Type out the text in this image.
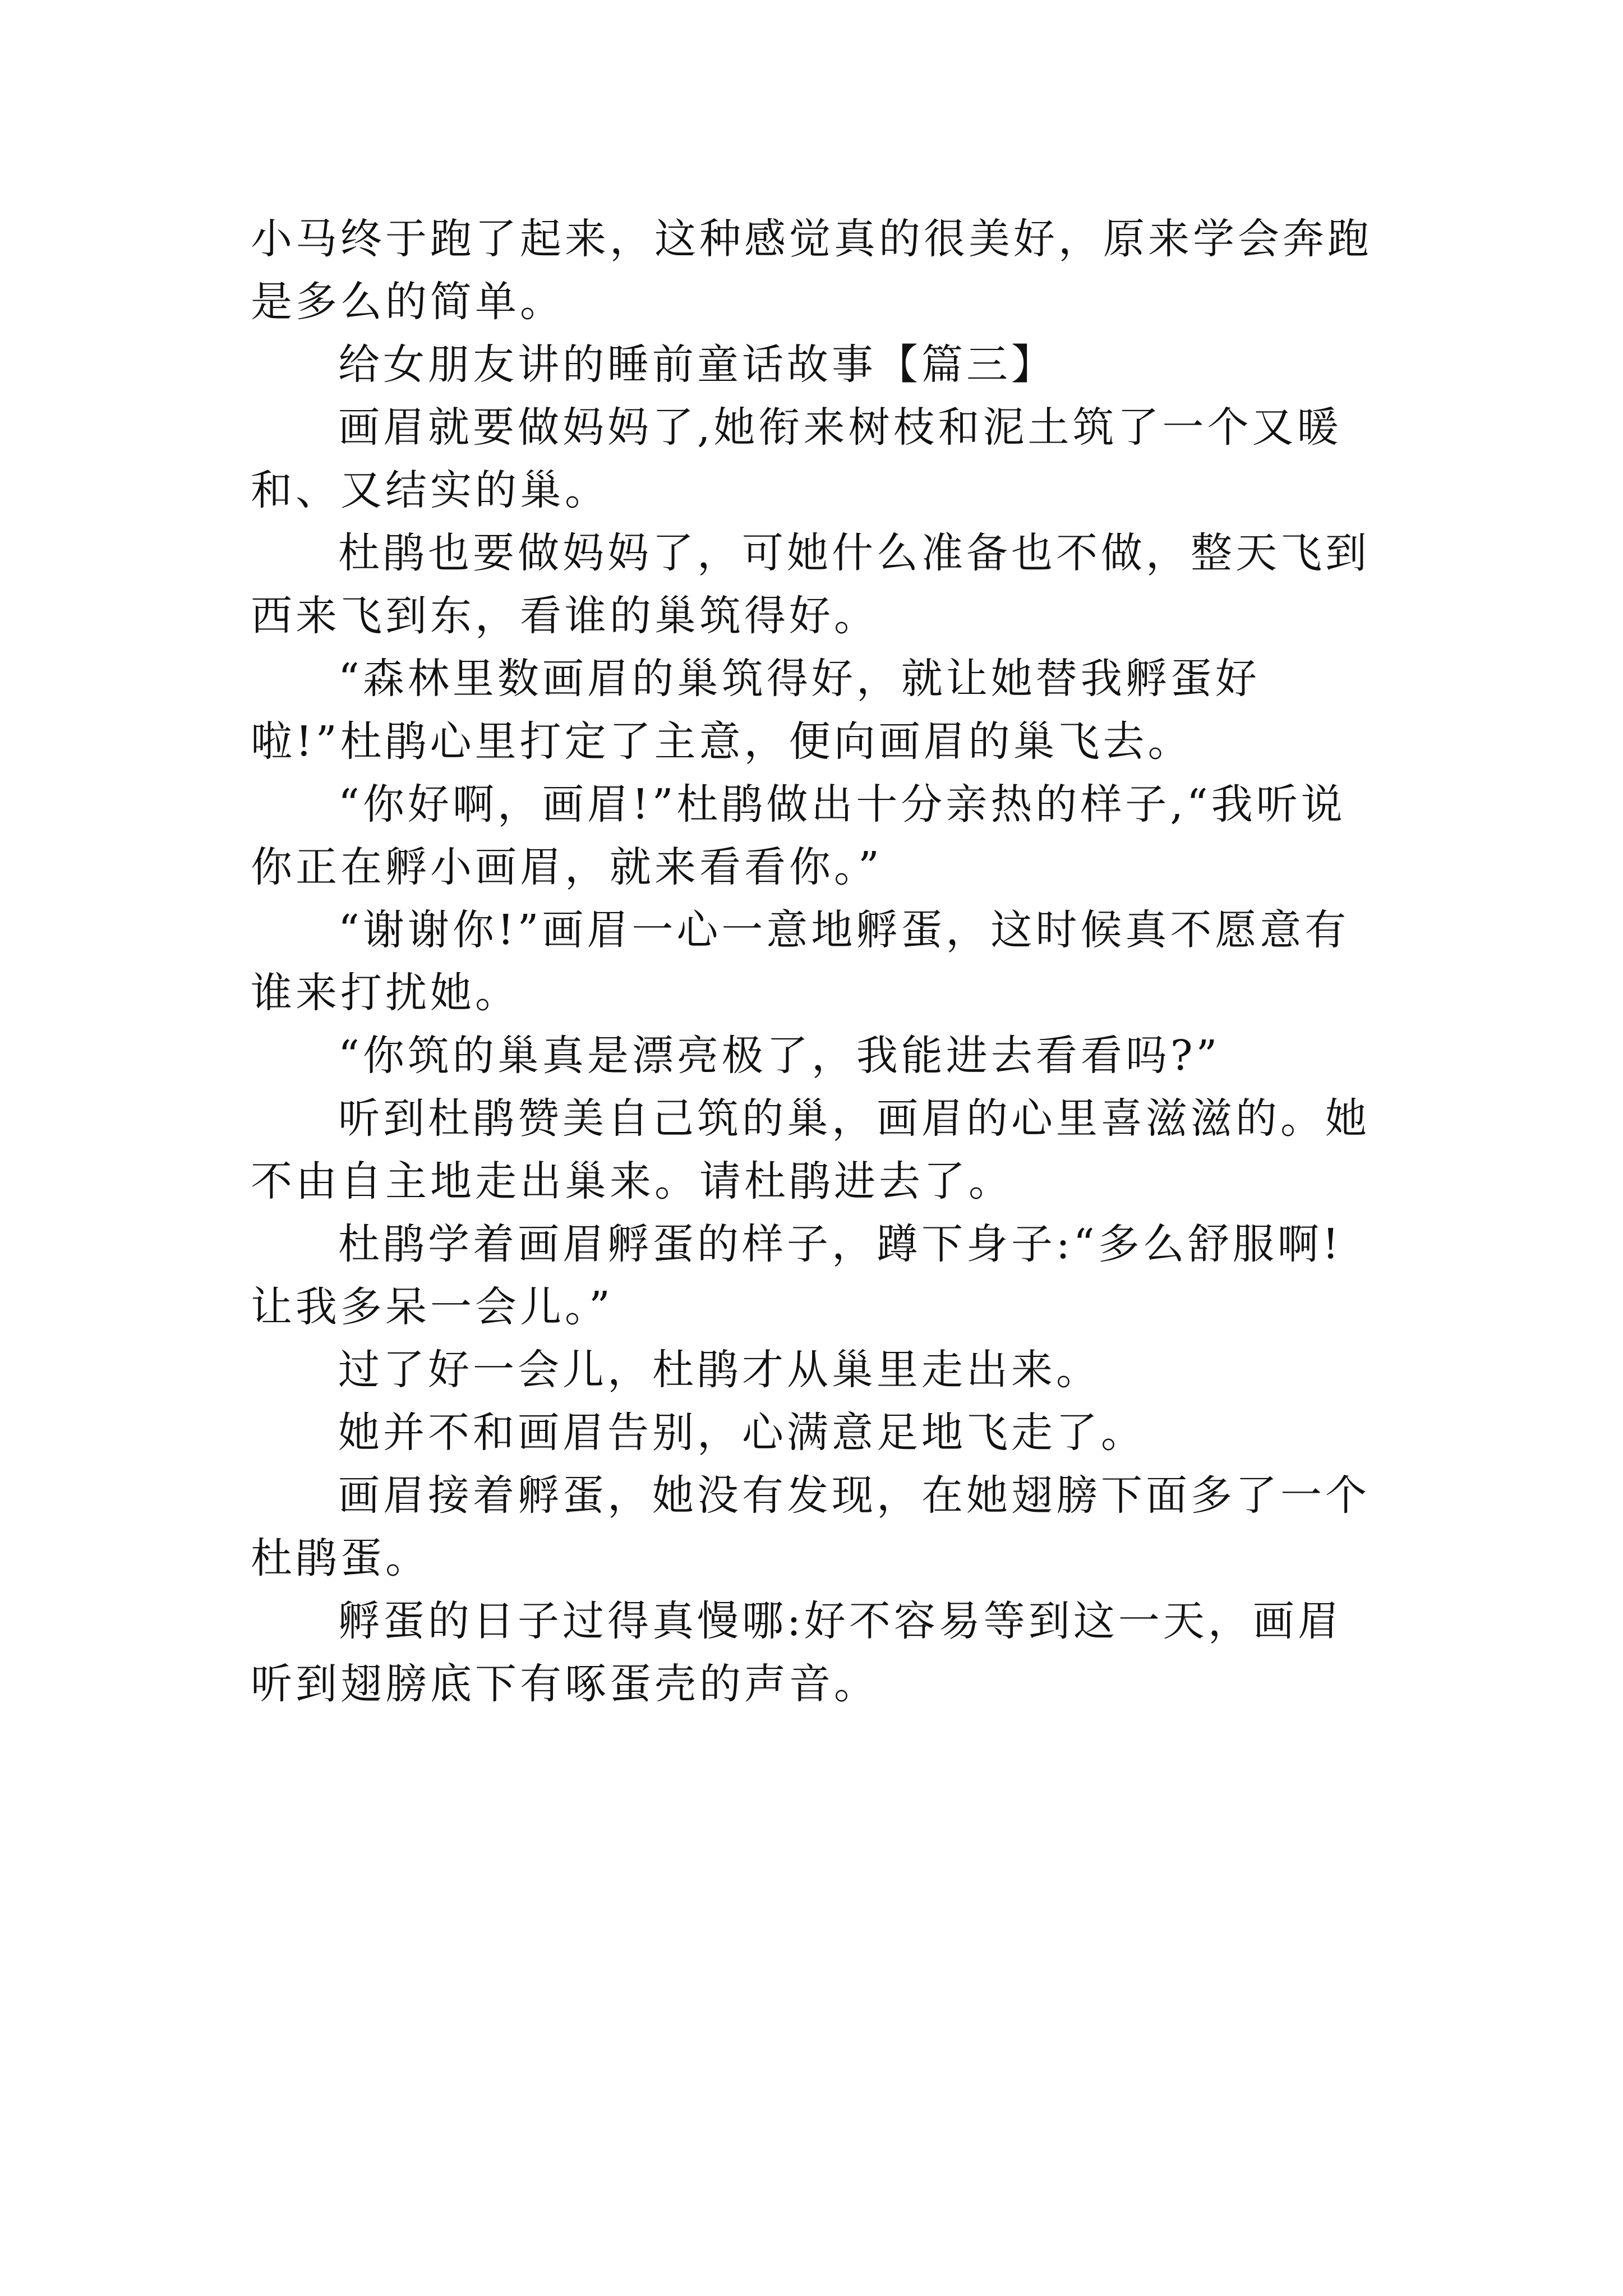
小马终于跑了起来，这种感觉真的很美好，原来学会奔跑是多么的简单。

给女朋友讲的睡前童话故事【篇三】

画眉就要做妈妈了,她衔来树枝和泥土筑了一个又暖和、又结实的巢。

杜鹃也要做妈妈了，可她什么准备也不做，整天飞到西来飞到东，看谁的巢筑得好。

“森林里数画眉的巢筑得好，就让她替我孵蛋好啦!”杜鹃心里打定了主意，便向画眉的巢飞去。

“你好啊，画眉!”杜鹃做出十分亲热的样子,“我听说你正在孵小画眉，就来看看你。”

“谢谢你!”画眉一心一意地孵蛋，这时候真不愿意有谁来打扰她。

“你筑的巢真是漂亮极了，我能进去看看吗?”

听到杜鹃赞美自己筑的巢，画眉的心里喜滋滋的。她不由自主地走出巢来。请杜鹃进去了。

杜鹃学着画眉孵蛋的样子，蹲下身子:“多么舒服啊!让我多呆一会儿。”

过了好一会儿，杜鹃才从巢里走出来。

她并不和画眉告别，心满意足地飞走了。

画眉接着孵蛋，她没有发现，在她翅膀下面多了一个杜鹃蛋。

孵蛋的日子过得真慢哪:好不容易等到这一天，画眉听到翅膀底下有啄蛋壳的声音。
